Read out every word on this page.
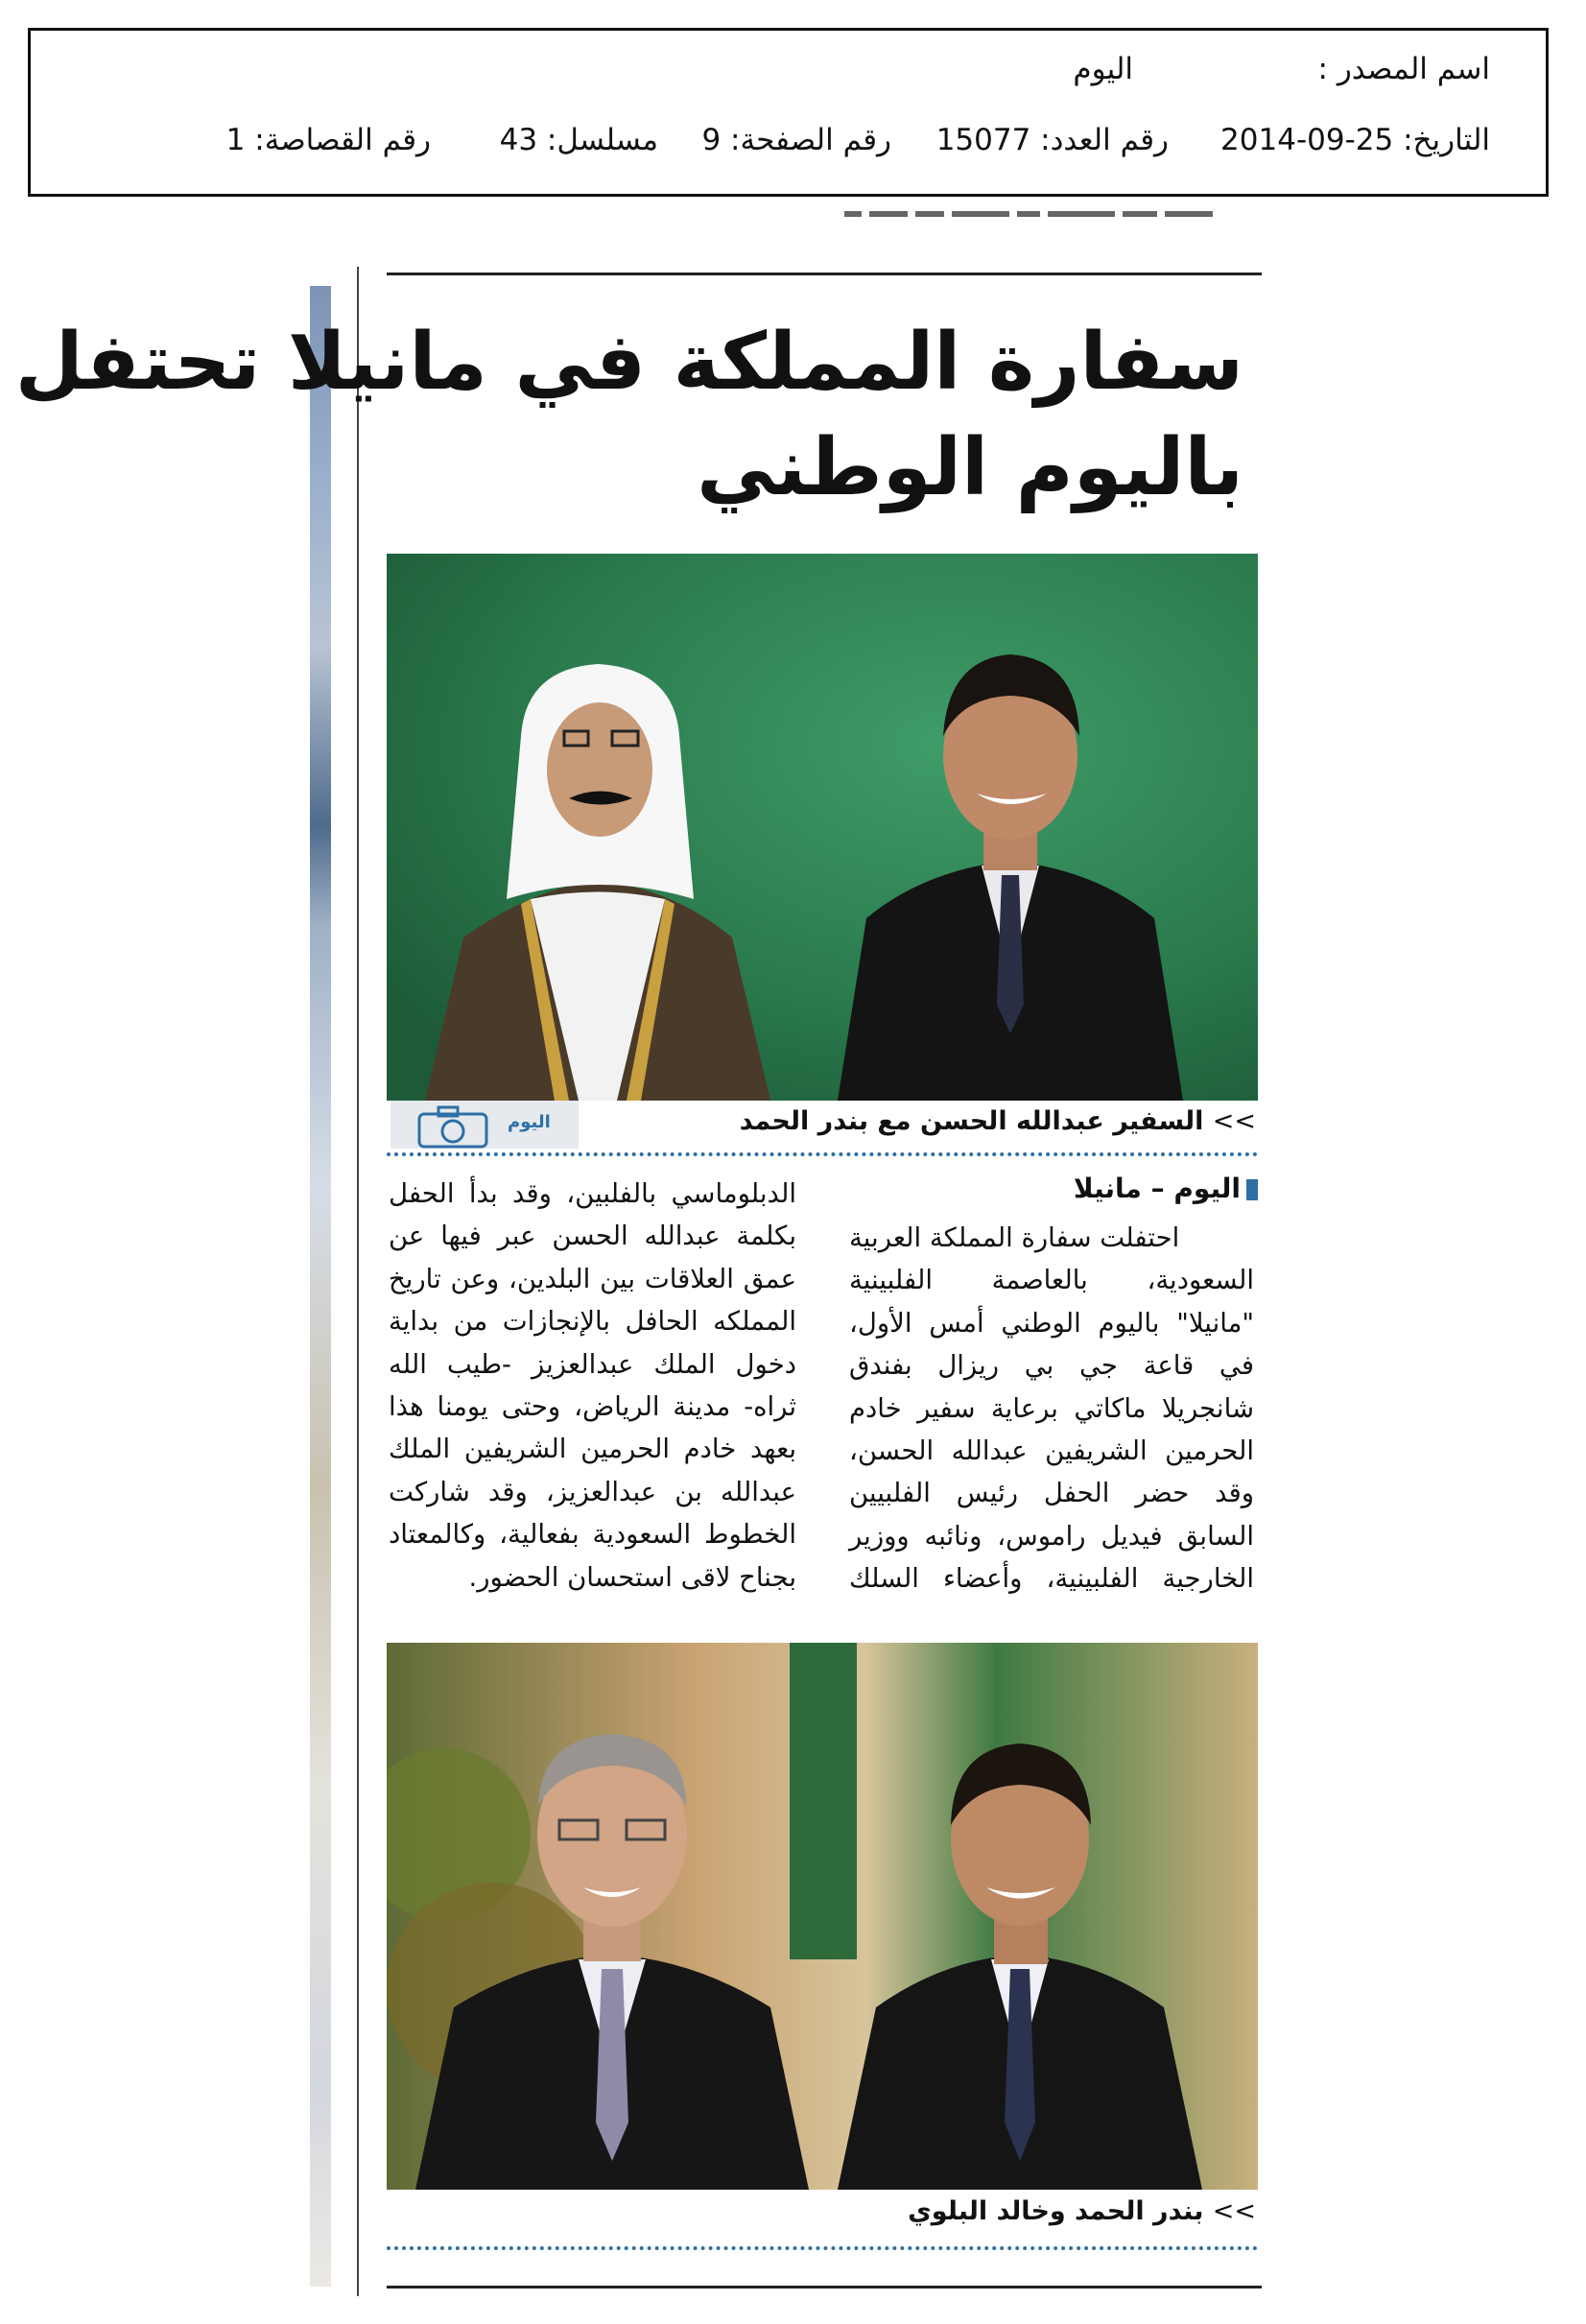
اسم المصدر :
اليوم
التاريخ: 25-09-2014
رقم العدد: 15077
رقم الصفحة: 9
مسلسل: 43
رقم القصاصة: 1
سفارة المملكة في مانيلا تحتفل
باليوم الوطني
اليوم	>> السفير عبدالله الحسن مع بندر الحمد
اليوم – مانيلا
احتفلت سفارة المملكة العربية
السعودية، بالعاصمة الفلبينية
"مانيلا" باليوم الوطني أمس الأول،
في قاعة جي بي ريزال بفندق
شانجريلا ماكاتي برعاية سفير خادم
الحرمين الشريفين عبدالله الحسن،
وقد حضر الحفل رئيس الفلبيين
السابق فيديل راموس، ونائبه ووزير
الخارجية الفلبينية، وأعضاء السلك
الدبلوماسي بالفلبين، وقد بدأ الحفل
بكلمة عبدالله الحسن عبر فيها عن
عمق العلاقات بين البلدين، وعن تاريخ
المملكه الحافل بالإنجازات من بداية
دخول الملك عبدالعزيز -طيب الله
ثراه- مدينة الرياض، وحتى يومنا هذا
بعهد خادم الحرمين الشريفين الملك
عبدالله بن عبدالعزيز، وقد شاركت
الخطوط السعودية بفعالية، وكالمعتاد
بجناح لاقى استحسان الحضور.
>> بندر الحمد وخالد البلوي
